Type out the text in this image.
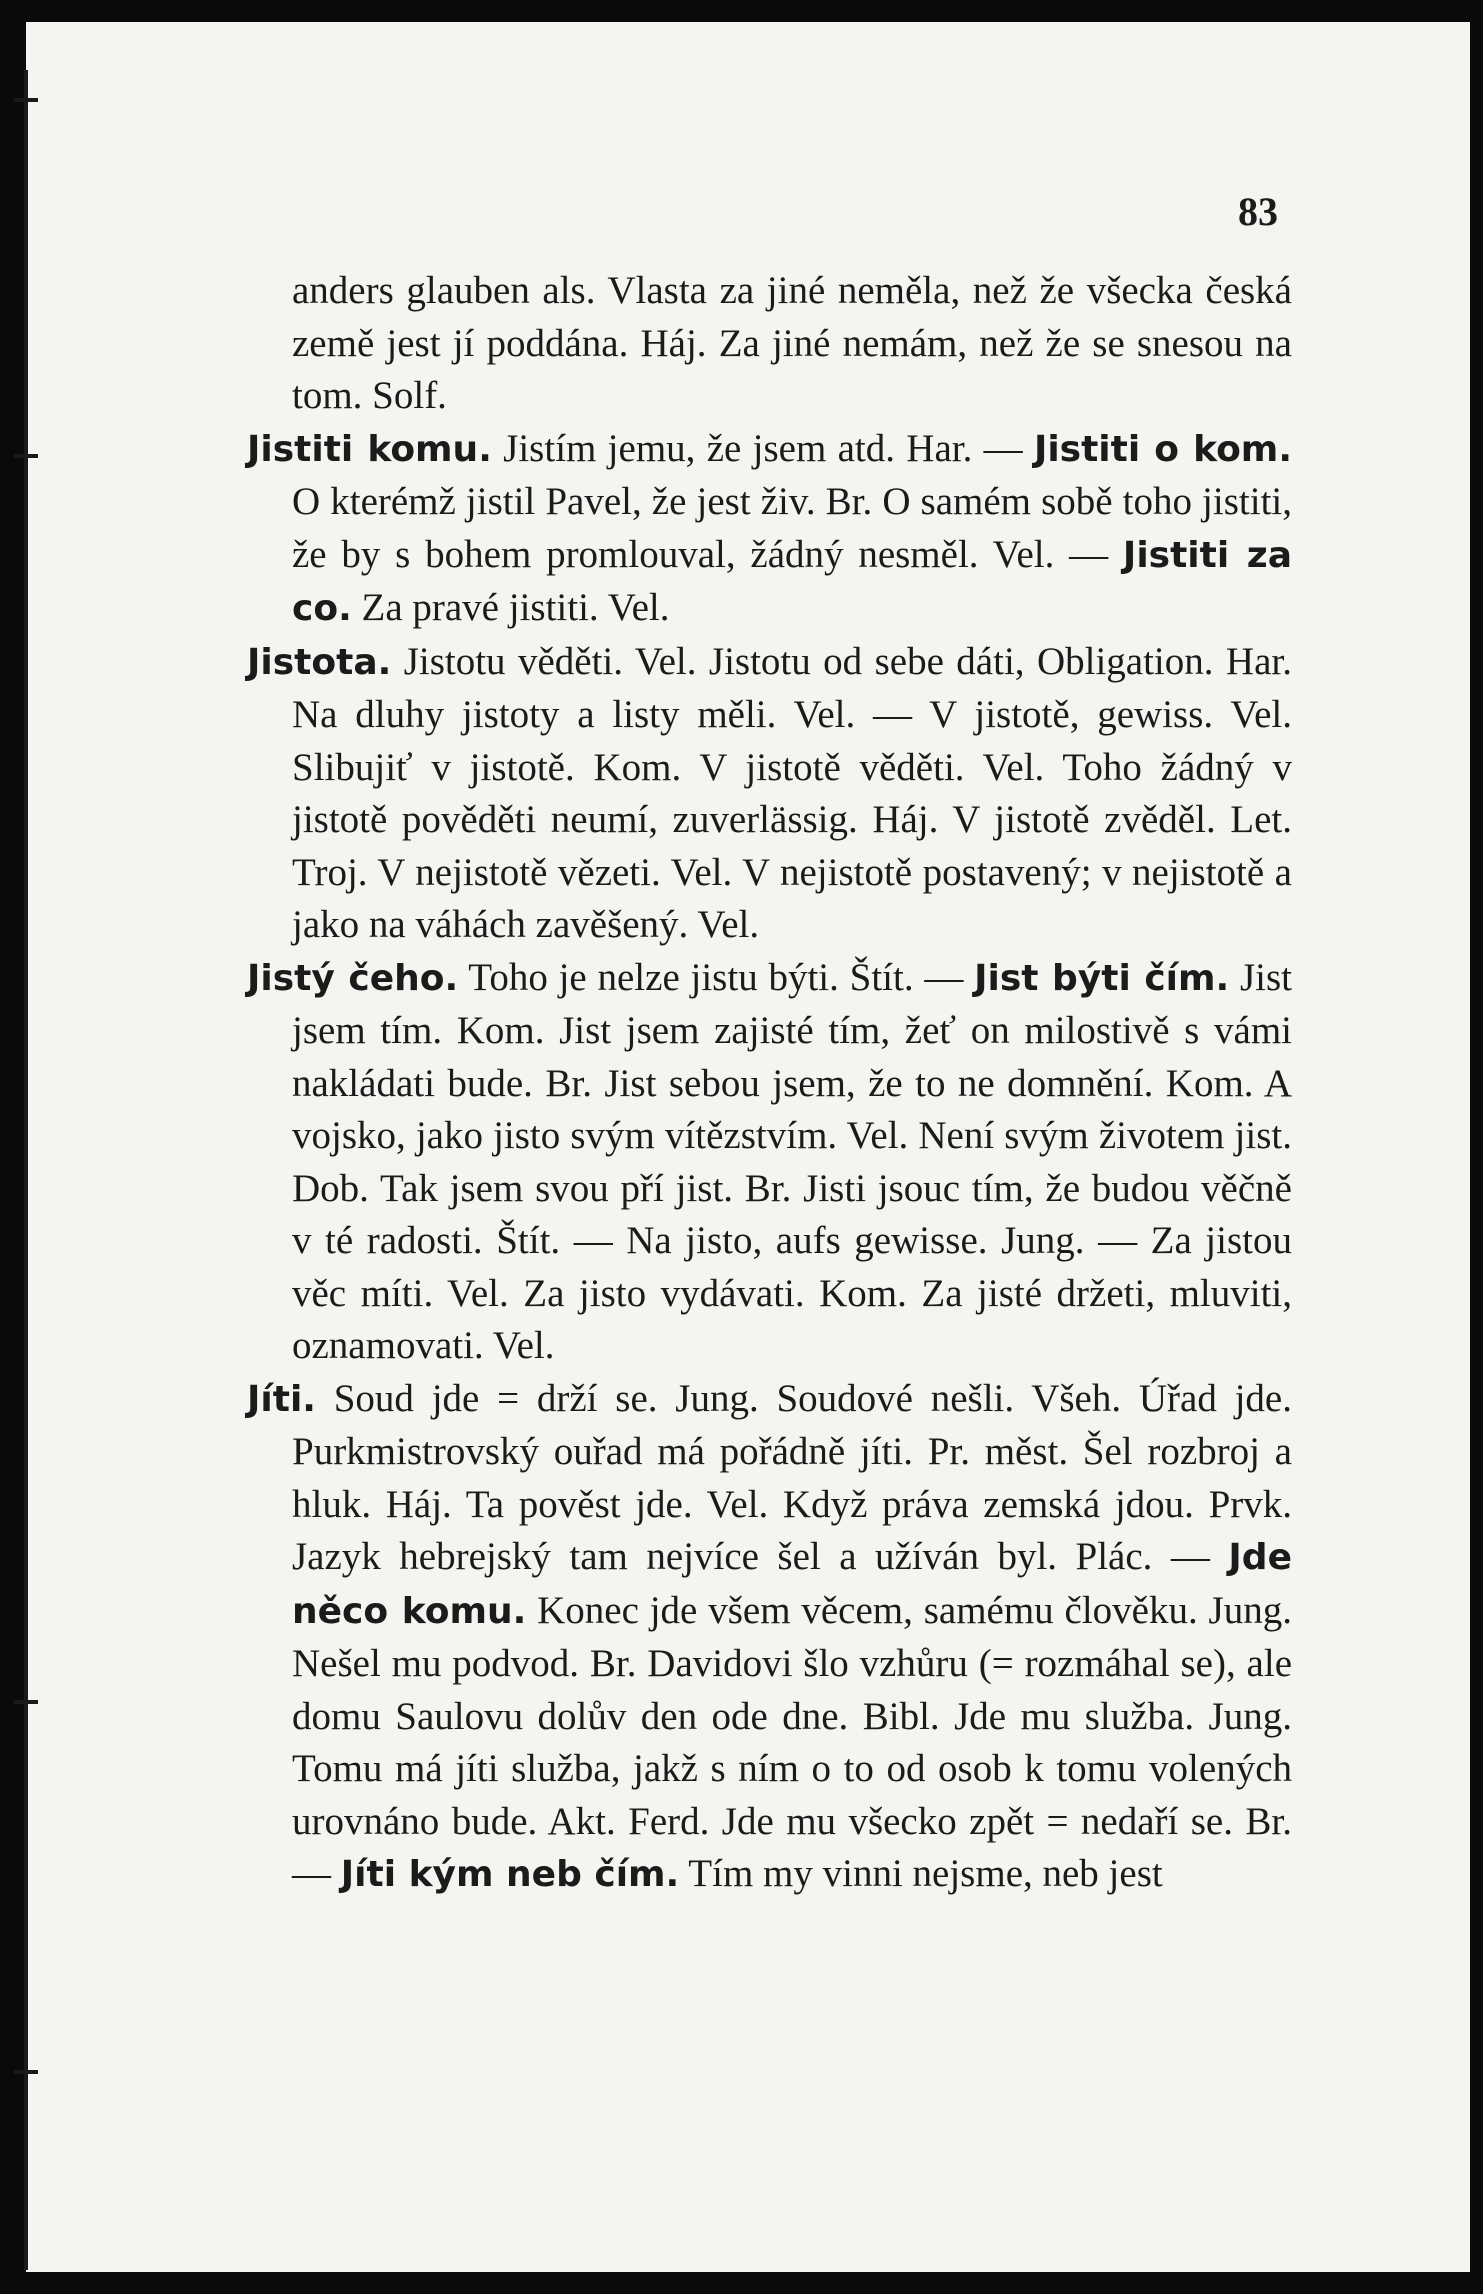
83

anders glauben als. Vlasta za jiné neměla, než že všecka česká země jest jí poddána. Háj. Za jiné nemám, než že se snesou na tom. Solf.

Jistiti komu. Jistím jemu, že jsem atd. Har. — Jistiti o kom. O kterémž jistil Pavel, že jest živ. Br. O samém sobě toho jistiti, že by s bohem promlouval, žádný nesměl. Vel. — Jistiti za co. Za pravé jistiti. Vel.

Jistota. Jistotu věděti. Vel. Jistotu od sebe dáti, Obligation. Har. Na dluhy jistoty a listy měli. Vel. — V jistotě, gewiss. Vel. Slibujiť v jistotě. Kom. V jistotě věděti. Vel. Toho žádný v jistotě pověděti neumí, zuverlässig. Háj. V jistotě zvěděl. Let. Troj. V nejistotě vězeti. Vel. V nejistotě postavený; v nejistotě a jako na váhách zavěšený. Vel.

Jistý čeho. Toho je nelze jistu býti. Štít. — Jist býti čím. Jist jsem tím. Kom. Jist jsem zajisté tím, žeť on milostivě s vámi nakládati bude. Br. Jist sebou jsem, že to ne domnění. Kom. A vojsko, jako jisto svým vítězstvím. Vel. Není svým životem jist. Dob. Tak jsem svou pří jist. Br. Jisti jsouc tím, že budou věčně v té radosti. Štít. — Na jisto, aufs gewisse. Jung. — Za jistou věc míti. Vel. Za jisto vydávati. Kom. Za jisté držeti, mluviti, oznamovati. Vel.

Jíti. Soud jde = drží se. Jung. Soudové nešli. Všeh. Úřad jde. Purkmistrovský ouřad má pořádně jíti. Pr. měst. Šel rozbroj a hluk. Háj. Ta pověst jde. Vel. Když práva zemská jdou. Prvk. Jazyk hebrejský tam nejvíce šel a užíván byl. Plác. — Jde něco komu. Konec jde všem věcem, samému člověku. Jung. Nešel mu podvod. Br. Davidovi šlo vzhůru (= rozmáhal se), ale domu Saulovu dolův den ode dne. Bibl. Jde mu služba. Jung. Tomu má jíti služba, jakž s ním o to od osob k tomu volených urovnáno bude. Akt. Ferd. Jde mu všecko zpět = nedaří se. Br. — Jíti kým neb čím. Tím my vinni nejsme, neb jest
